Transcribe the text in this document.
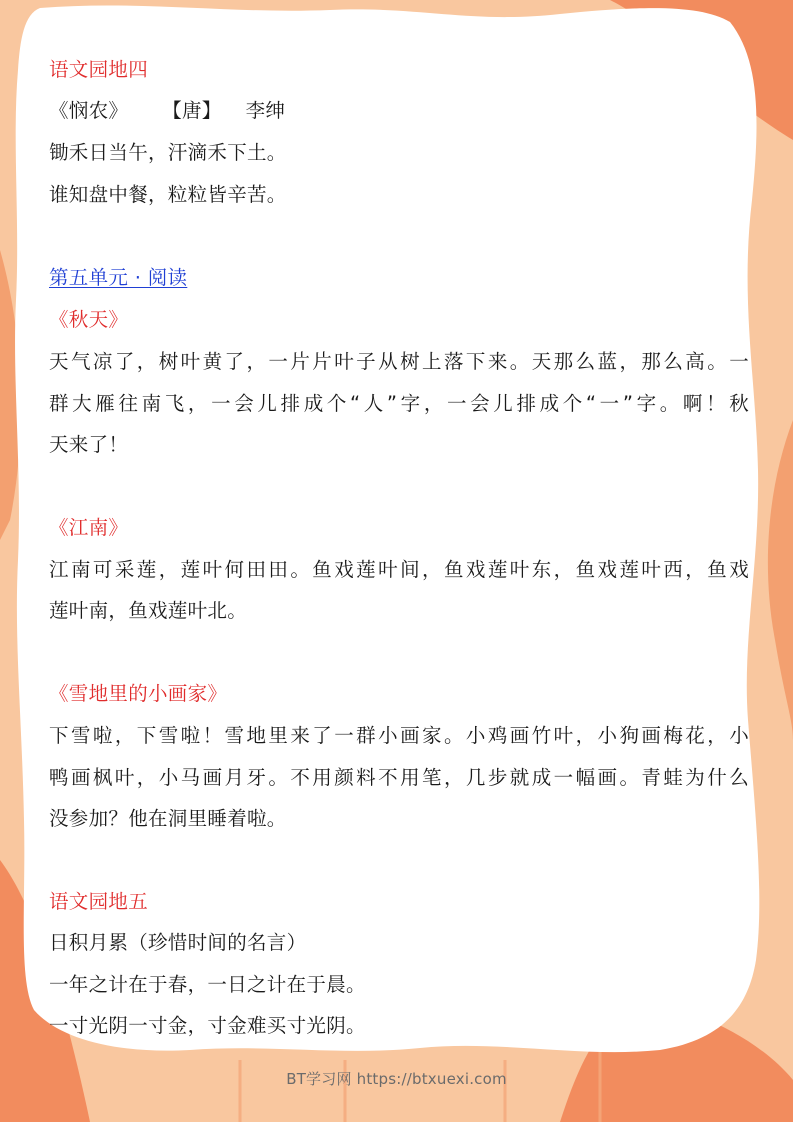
语文园地四
《悯农》 【唐】 李绅
锄禾日当午，汗滴禾下土。
谁知盘中餐，粒粒皆辛苦。
第五单元 · 阅读
《秋天》
天气凉了，树叶黄了，一片片叶子从树上落下来。天那么蓝，那么高。一
群大雁往南飞，一会儿排成个“人”字，一会儿排成个“一”字。啊！秋
天来了！
《江南》
江南可采莲，莲叶何田田。鱼戏莲叶间，鱼戏莲叶东，鱼戏莲叶西，鱼戏
莲叶南，鱼戏莲叶北。
《雪地里的小画家》
下雪啦，下雪啦！雪地里来了一群小画家。小鸡画竹叶，小狗画梅花，小
鸭画枫叶，小马画月牙。不用颜料不用笔，几步就成一幅画。青蛙为什么
没参加？他在洞里睡着啦。
语文园地五
日积月累（珍惜时间的名言）
一年之计在于春，一日之计在于晨。
一寸光阴一寸金，寸金难买寸光阴。
BT学习网 https://btxuexi.com
